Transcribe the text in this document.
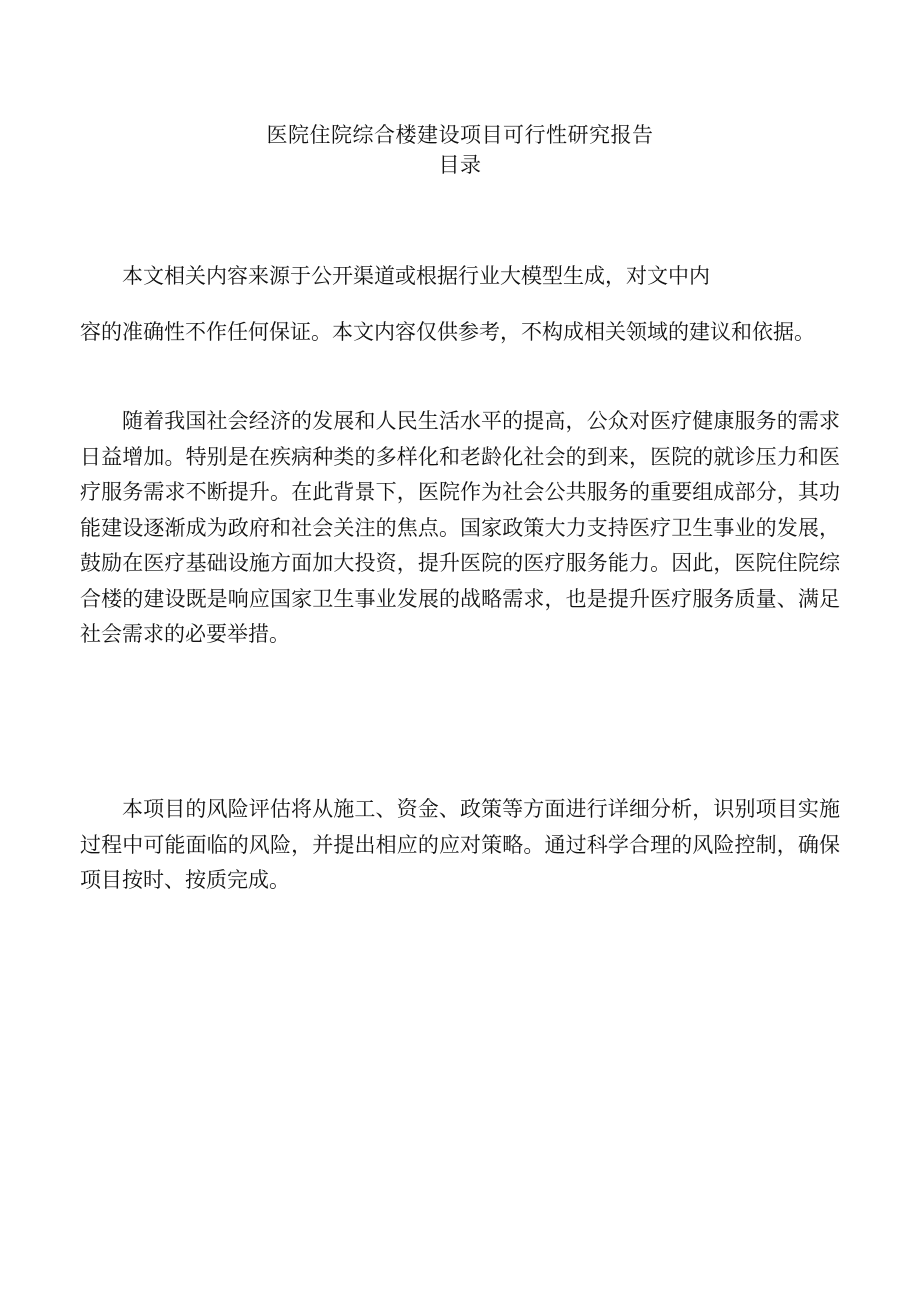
医院住院综合楼建设项目可行性研究报告
目录
本文相关内容来源于公开渠道或根据行业大模型生成，对文中内
容的准确性不作任何保证。本文内容仅供参考，不构成相关领域的建议和依据。

随着我国社会经济的发展和人民生活水平的提高，公众对医疗健康服务的需求日益增加。特别是在疾病种类的多样化和老龄化社会的到来，医院的就诊压力和医疗服务需求不断提升。在此背景下，医院作为社会公共服务的重要组成部分，其功能建设逐渐成为政府和社会关注的焦点。国家政策大力支持医疗卫生事业的发展，鼓励在医疗基础设施方面加大投资，提升医院的医疗服务能力。因此，医院住院综合楼的建设既是响应国家卫生事业发展的战略需求，也是提升医疗服务质量、满足社会需求的必要举措。

本项目的风险评估将从施工、资金、政策等方面进行详细分析，识别项目实施过程中可能面临的风险，并提出相应的应对策略。通过科学合理的风险控制，确保项目按时、按质完成。
